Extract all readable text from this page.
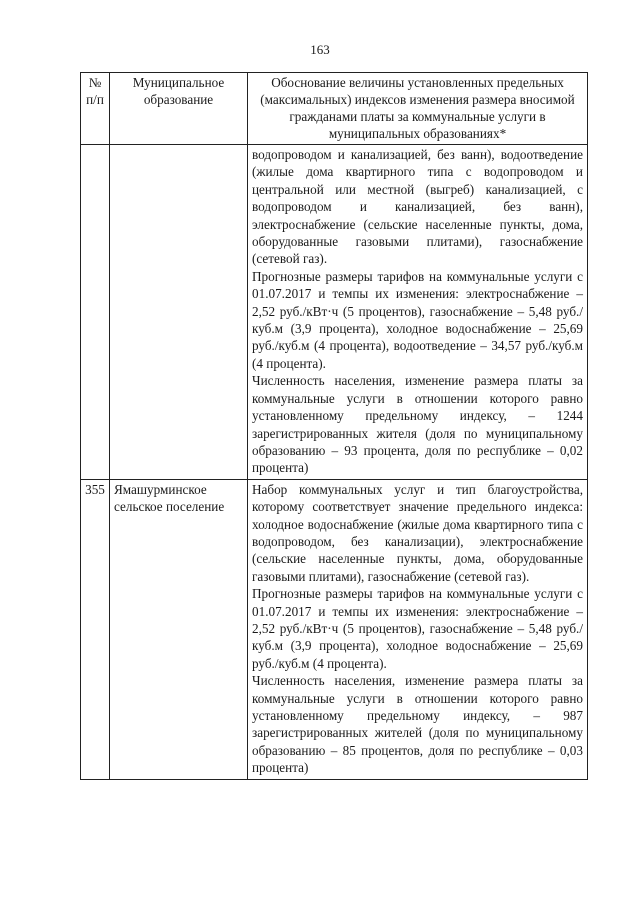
163
№ п/п	Муниципальное образование	Обоснование величины установленных предельных (максимальных) индексов изменения размера вносимой гражданами платы за коммунальные услуги в муниципальных образованиях*

		водопроводом и канализацией, без ванн), водоотведение (жилые дома квартирного типа с водопроводом и центральной или местной (выгреб) канализацией, с водопроводом и канализацией, без ванн), электроснабжение (сельские населенные пункты, дома, оборудованные газовыми плитами), газоснабжение (сетевой газ).

Прогнозные размеры тарифов на коммунальные услуги с 01.07.2017 и темпы их изменения: электроснабжение – 2,52 руб./кВт·ч (5 процентов), газоснабжение – 5,48 руб./куб.м (3,9 процента), холодное водоснабжение – 25,69 руб./куб.м (4 процента), водоотведение – 34,57 руб./куб.м (4 процента).

Численность населения, изменение размера платы за коммунальные услуги в отношении которого равно установленному предельному индексу, – 1244 зарегистрированных жителя (доля по муниципальному образованию – 93 процента, доля по республике – 0,02 процента)

355	Ямашурминское сельское поселение	Набор коммунальных услуг и тип благоустройства, которому соответствует значение предельного индекса: холодное водоснабжение (жилые дома квартирного типа с водопроводом, без канализации), электроснабжение (сельские населенные пункты, дома, оборудованные газовыми плитами), газоснабжение (сетевой газ).

Прогнозные размеры тарифов на коммунальные услуги с 01.07.2017 и темпы их изменения: электроснабжение – 2,52 руб./кВт·ч (5 процентов), газоснабжение – 5,48 руб./куб.м (3,9 процента), холодное водоснабжение – 25,69 руб./куб.м (4 процента).

Численность населения, изменение размера платы за коммунальные услуги в отношении которого равно установленному предельному индексу, – 987 зарегистрированных жителей (доля по муниципальному образованию – 85 процентов, доля по республике – 0,03 процента)
